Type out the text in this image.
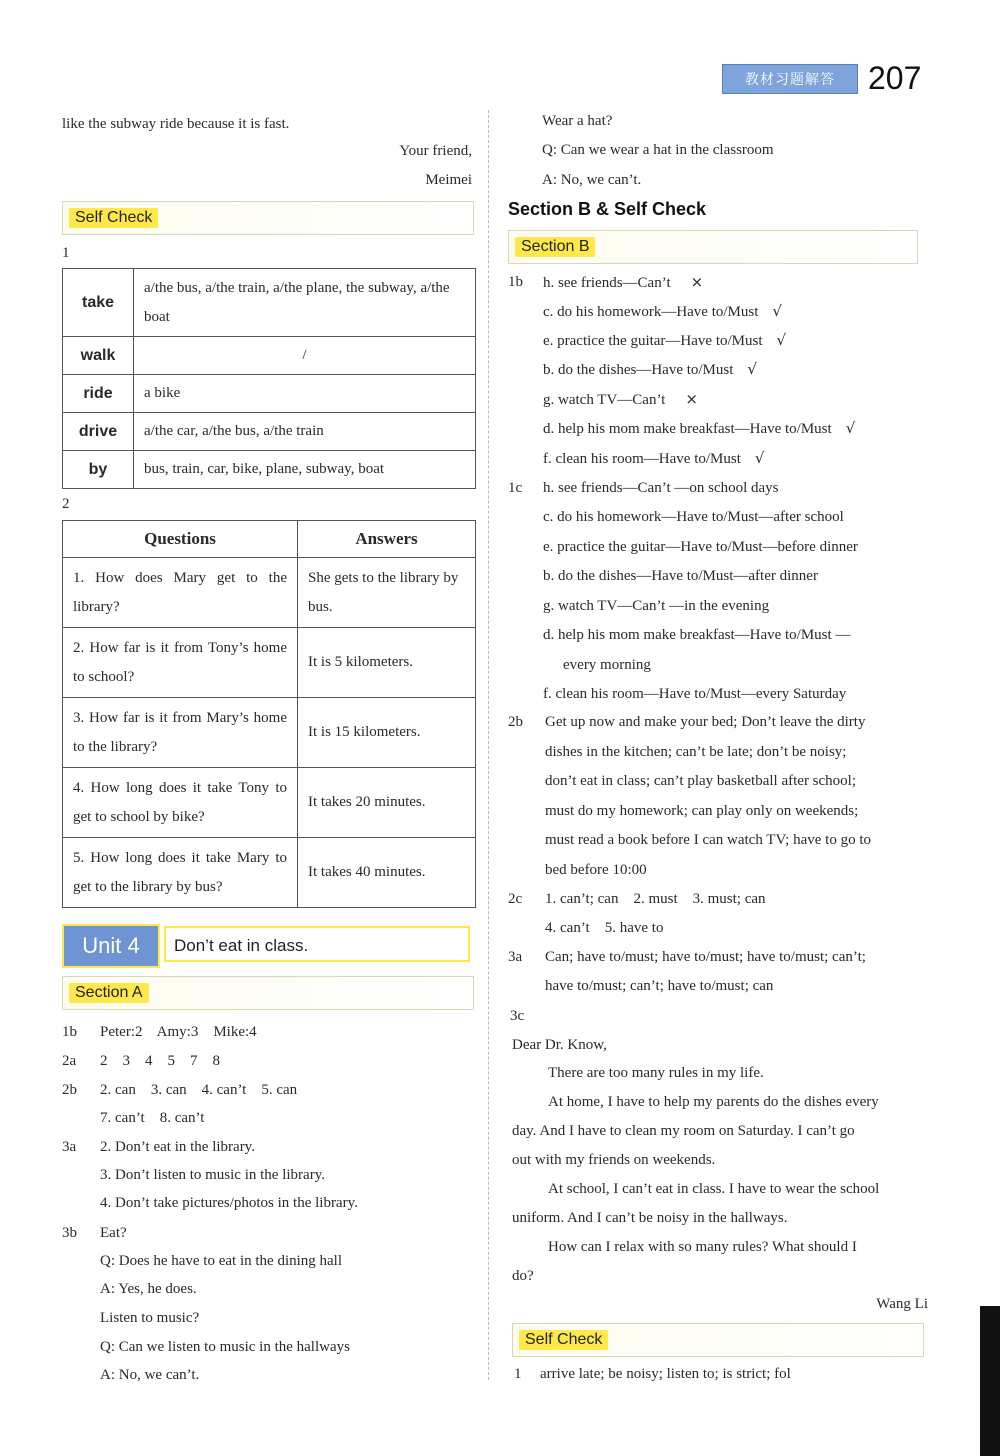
教材习题解答	207
like the subway ride because it is fast.
Your friend,
Meimei
Self Check
1
take	a/the bus, a/the train, a/the plane, the subway, a/the boat
walk	/
ride	a bike
drive	a/the car, a/the bus, a/the train
by	bus, train, car, bike, plane, subway, boat
2
Questions	Answers
1. How does Mary get to the library?	She gets to the library by bus.
2. How far is it from Tony’s home to school?	It is 5 kilometers.
3. How far is it from Mary’s home to the library?	It is 15 kilometers.
4. How long does it take Tony to get to school by bike?	It takes 20 minutes.
5. How long does it take Mary to get to the library by bus?	It takes 40 minutes.
Unit 4	Don’t eat in class.
Section A
1b Peter:2    Amy:3    Mike:4
2a 2    3    4    5    7    8
2b 2. can    3. can    4. can’t    5. can
7. can’t    8. can’t
3a 2. Don’t eat in the library.
3. Don’t listen to music in the library.
4. Don’t take pictures/photos in the library.
3b Eat?
Q: Does he have to eat in the dining hall
A: Yes, he does.
Listen to music?
Q: Can we listen to music in the hallways
A: No, we can’t.
Wear a hat?
Q: Can we wear a hat in the classroom
A: No, we can’t.
Section B & Self Check
Section B
1b h. see friends—Can’t ×
c. do his homework—Have to/Must √
e. practice the guitar—Have to/Must √
b. do the dishes—Have to/Must √
g. watch TV—Can’t ×
d. help his mom make breakfast—Have to/Must √
f. clean his room—Have to/Must √
1c h. see friends—Can’t —on school days
c. do his homework—Have to/Must—after school
e. practice the guitar—Have to/Must—before dinner
b. do the dishes—Have to/Must—after dinner
g. watch TV—Can’t —in the evening
d. help his mom make breakfast—Have to/Must —
every morning
f. clean his room—Have to/Must—every Saturday
2b Get up now and make your bed; Don’t leave the dirty
dishes in the kitchen; can’t be late; don’t be noisy;
don’t eat in class; can’t play basketball after school;
must do my homework; can play only on weekends;
must read a book before I can watch TV; have to go to
bed before 10:00
2c 1. can’t; can    2. must    3. must; can
4. can’t    5. have to
3a Can; have to/must; have to/must; have to/must; can’t;
have to/must; can’t; have to/must; can
3c
Dear Dr. Know,
There are too many rules in my life.
At home, I have to help my parents do the dishes every
day. And I have to clean my room on Saturday. I can’t go
out with my friends on weekends.
At school, I can’t eat in class. I have to wear the school
uniform. And I can’t be noisy in the hallways.
How can I relax with so many rules? What should I
do?
Wang Li
Self Check
1 arrive late; be noisy; listen to; is strict; fol
